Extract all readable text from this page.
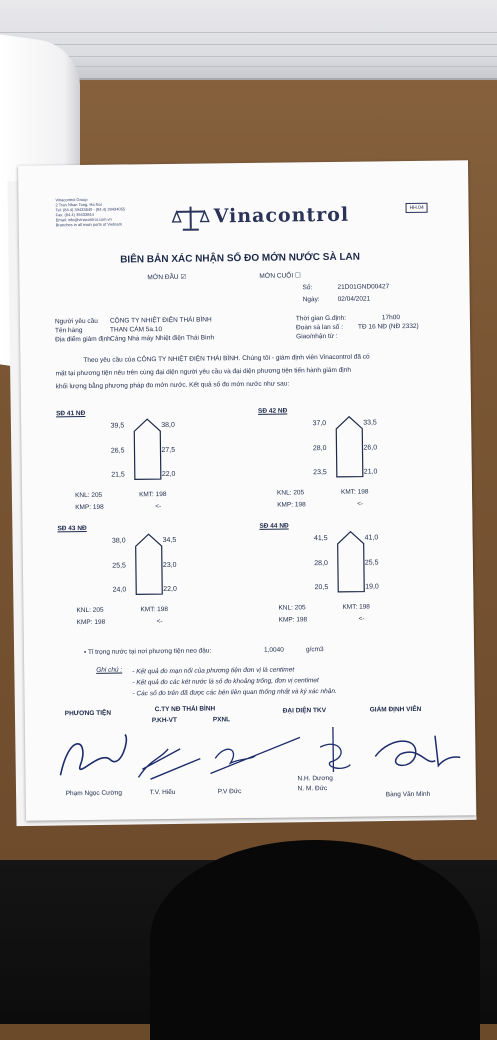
Vinacontrol Group
2 Tran Nhan Tong, Ha Noi
Tel: (84.4) 39433840 - (84.4) 39434055
Fax: (84.4) 39433844
Email: info@vinacontrol.com.vn
Branches in all main ports of Vietnam	Vinacontrol	HH.04
BIÊN BẢN XÁC NHẬN SỐ ĐO MỚN NƯỚC SÀ LAN
MỚN ĐẦU ☑	MỚN CUỐI ☐
Số:	21D01GND00427
Ngày:	02/04/2021
Người yêu cầu CÔNG TY NHIỆT ĐIỆN THÁI BÌNH
Tên hàng	THAN CÁM 5a.10
Địa điểm giám địnhCảng Nhà máy Nhiệt điện Thái Bình
Thời gian G.định:	17h00
Đoàn sà lan số : TĐ 16 NĐ (NĐ 2332)
Giao/nhận từ :
Theo yêu cầu của CÔNG TY NHIỆT ĐIỆN THÁI BÌNH. Chúng tôi - giám định viên Vinacontrol đã có
mặt tại phương tiện nêu trên cùng đại diện người yêu cầu và đại diện phương tiện tiến hành giám định
khối lượng bằng phương pháp đo mớn nước. Kết quả số đo mớn nước như sau:
SĐ 41 NĐ
39,5	38,0
26,5	27,5
21,5	22,0
KNL: 205	KMT: 198
KMP: 198	<-
SĐ 42 NĐ
37,0	33,5
28,0	26,0
23,5	21,0
KNL: 205	KMT: 198
KMP: 198	<-
SĐ 43 NĐ
38,0	34,5
25,5	23,0
24,0	22,0
KNL: 205	KMT: 198
KMP: 198	<-
SĐ 44 NĐ
41,5	41,0
28,0	25,5
20,5	19,0
KNL: 205	KMT: 198
KMP: 198	<-
• Tỉ trọng nước tại nơi phương tiện neo đậu:	1,0040	g/cm3
Ghi chú : - Kết quả đo mạn nổi của phương tiện đơn vị là centimet
- Kết quả đo các két nước là số đo khoảng trống, đơn vị centimet
- Các số đo trên đã được các bên liên quan thống nhất và ký xác nhận.
PHƯƠNG TIỆN
C.TY NĐ THÁI BÌNH
P.KH-VT	PXNL
ĐẠI DIỆN TKV	GIÁM ĐỊNH VIÊN
Phạm Ngọc Cường	T.V. Hiếu	P.V Đức
N.H. Dương
N. M. Đức
Bàng Văn Minh
